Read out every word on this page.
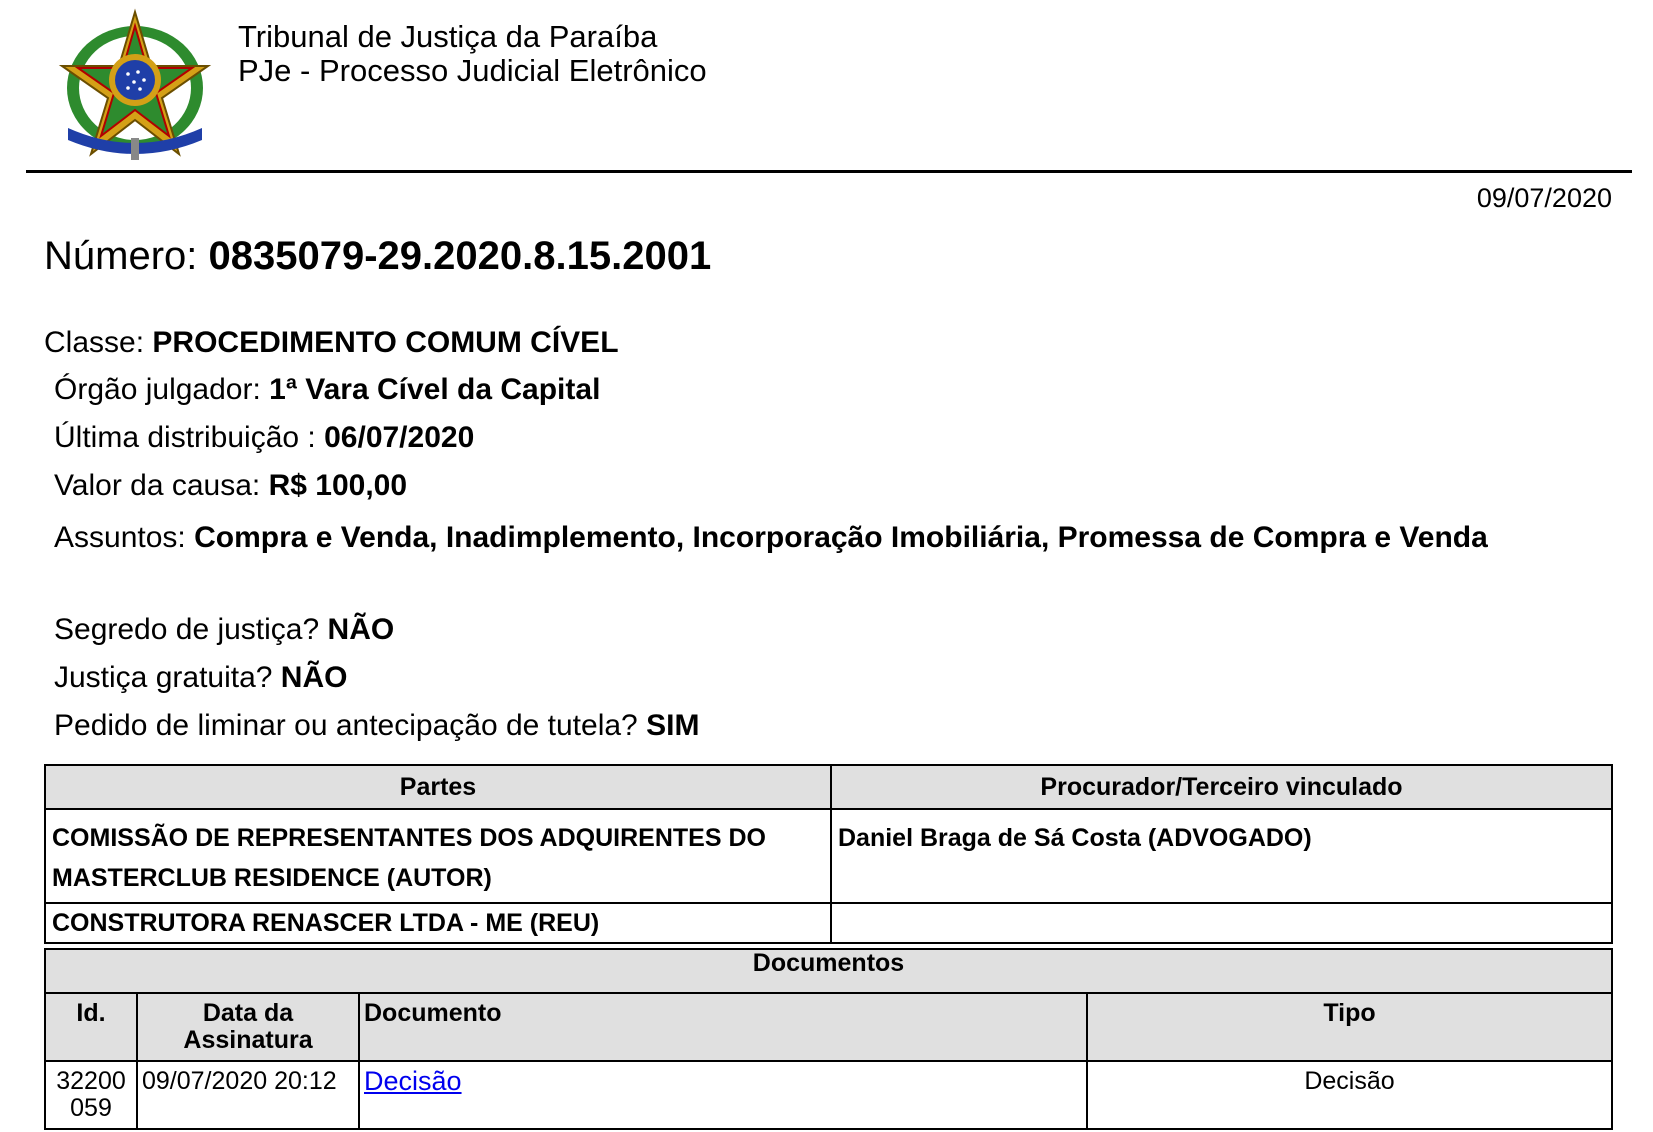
Tribunal de Justiça da Paraíba
PJe - Processo Judicial Eletrônico
09/07/2020
Número: 0835079-29.2020.8.15.2001
Classe: PROCEDIMENTO COMUM CÍVEL
Órgão julgador: 1ª Vara Cível da Capital
Última distribuição : 06/07/2020
Valor da causa: R$ 100,00
Assuntos: Compra e Venda, Inadimplemento, Incorporação Imobiliária, Promessa de Compra e Venda
Segredo de justiça? NÃO
Justiça gratuita? NÃO
Pedido de liminar ou antecipação de tutela? SIM
Partes	Procurador/Terceiro vinculado
COMISSÃO DE REPRESENTANTES DOS ADQUIRENTES DO MASTERCLUB RESIDENCE (AUTOR)	Daniel Braga de Sá Costa (ADVOGADO)
CONSTRUTORA RENASCER LTDA - ME (REU)	
Documentos			
Id.	Data da Assinatura	Documento	Tipo
32200 059	09/07/2020 20:12	Decisão	Decisão
